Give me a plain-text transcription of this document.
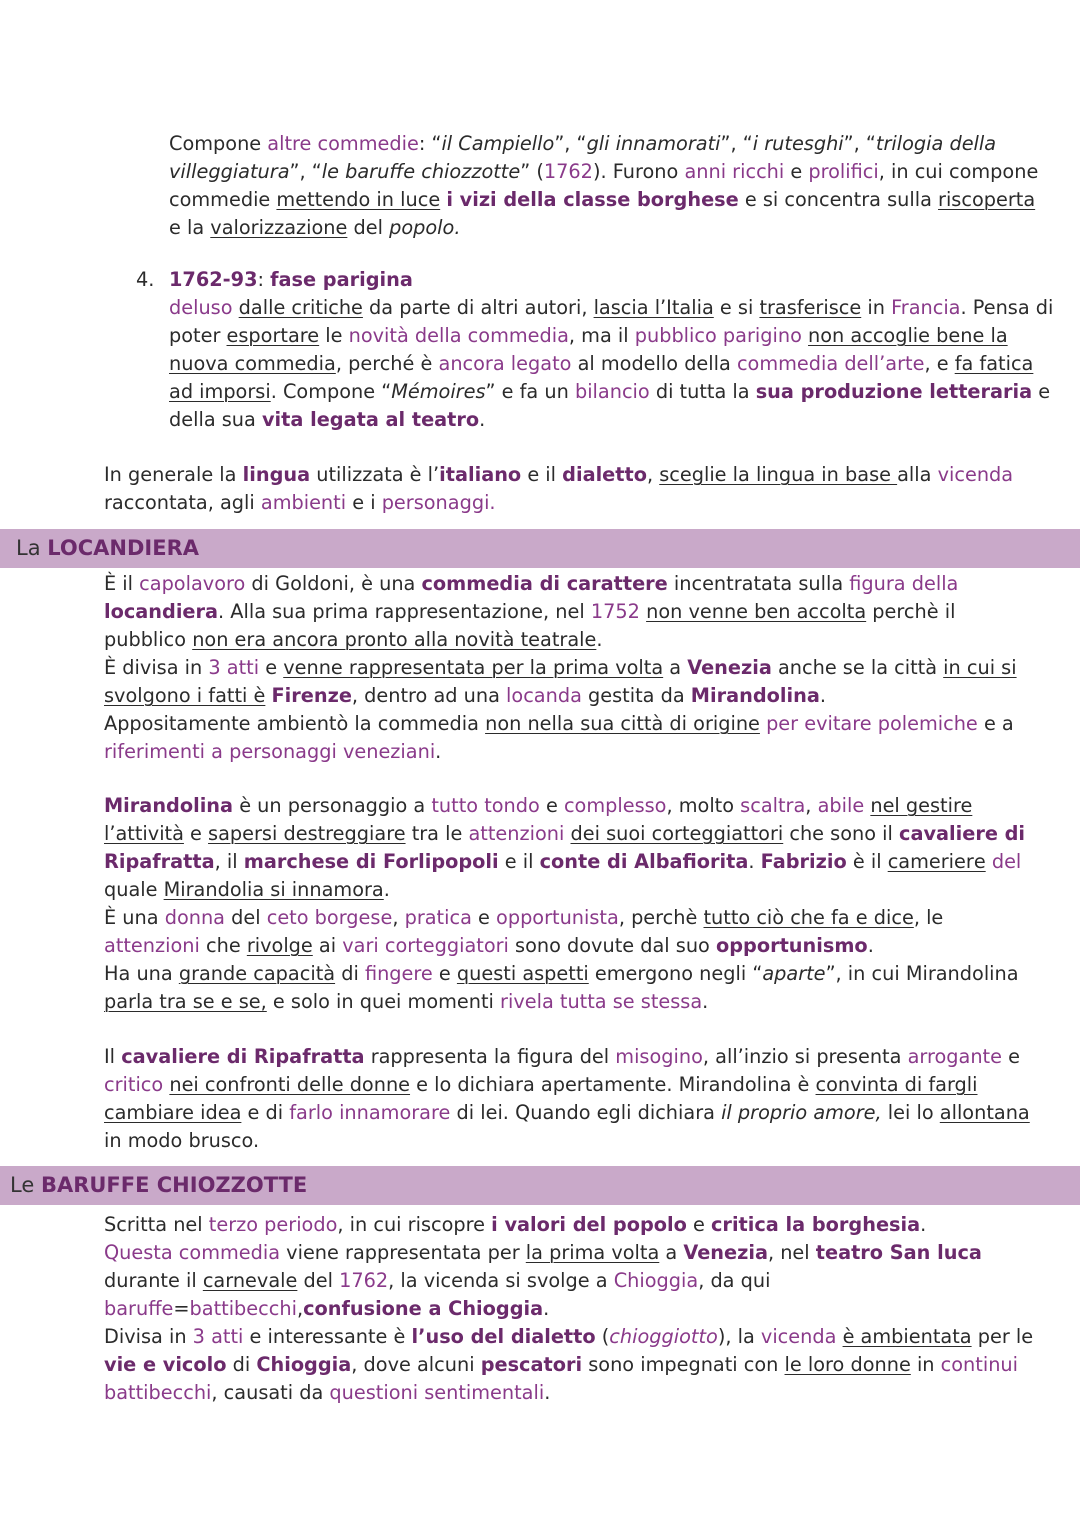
Compone altre commedie: “il Campiello”, “gli innamorati”, “i rutesghi”, “trilogia della villeggiatura”, “le baruffe chiozzotte” (1762). Furono anni ricchi e prolifici, in cui compone commedie mettendo in luce i vizi della classe borghese e si concentra sulla riscoperta e la valorizzazione del popolo.

4. 1762-93: fase parigina

deluso dalle critiche da parte di altri autori, lascia l’Italia e si trasferisce in Francia. Pensa di poter esportare le novità della commedia, ma il pubblico parigino non accoglie bene la nuova commedia, perché è ancora legato al modello della commedia dell’arte, e fa fatica ad imporsi. Compone “Mémoires” e fa un bilancio di tutta la sua produzione letteraria e della sua vita legata al teatro.

In generale la lingua utilizzata è l’italiano e il dialetto, sceglie la lingua in base alla vicenda raccontata, agli ambienti e i personaggi.

La LOCANDIERA

È il capolavoro di Goldoni, è una commedia di carattere incentratata sulla figura della locandiera. Alla sua prima rappresentazione, nel 1752 non venne ben accolta perchè il pubblico non era ancora pronto alla novità teatrale.
È divisa in 3 atti e venne rappresentata per la prima volta a Venezia anche se la città in cui si svolgono i fatti è Firenze, dentro ad una locanda gestita da Mirandolina.
Appositamente ambientò la commedia non nella sua città di origine per evitare polemiche e a riferimenti a personaggi veneziani.

Mirandolina è un personaggio a tutto tondo e complesso, molto scaltra, abile nel gestire l’attività e sapersi destreggiare tra le attenzioni dei suoi corteggiattori che sono il cavaliere di Ripafratta, il marchese di Forlipopoli e il conte di Albafiorita. Fabrizio è il camerierе del quale Mirandolia si innamora.
È una donna del ceto borgese, pratica e opportunista, perchè tutto ciò che fa e dice, le attenzioni che rivolge ai vari corteggiatori sono dovute dal suo opportunismo.
Ha una grande capacità di fingere e questi aspetti emergono negli “aparte”, in cui Mirandolina parla tra se e se, e solo in quei momenti rivela tutta se stessa.

Il cavaliere di Ripafratta rappresenta la figura del misogino, all’inzio si presenta arrogante e critico nei confronti delle donne e lo dichiara apertamente. Mirandolina è convinta di fargli cambiare idea e di farlo innamorare di lei. Quando egli dichiara il proprio amore, lei lo allontana in modo brusco.

Le BARUFFE CHIOZZOTTE

Scritta nel terzo periodo, in cui riscopre i valori del popolo e critica la borghesia.
Questa commedia viene rappresentata per la prima volta a Venezia, nel teatro San luca durante il carnevale del 1762, la vicenda si svolge a Chioggia, da qui baruffe=battibecchi,confusione a Chioggia.
Divisa in 3 atti e interessante è l’uso del dialetto (chioggiotto), la vicenda è ambientata per le vie e vicolo di Chioggia, dove alcuni pescatori sono impegnati con le loro donne in continui battibecchi, causati da questioni sentimentali.
